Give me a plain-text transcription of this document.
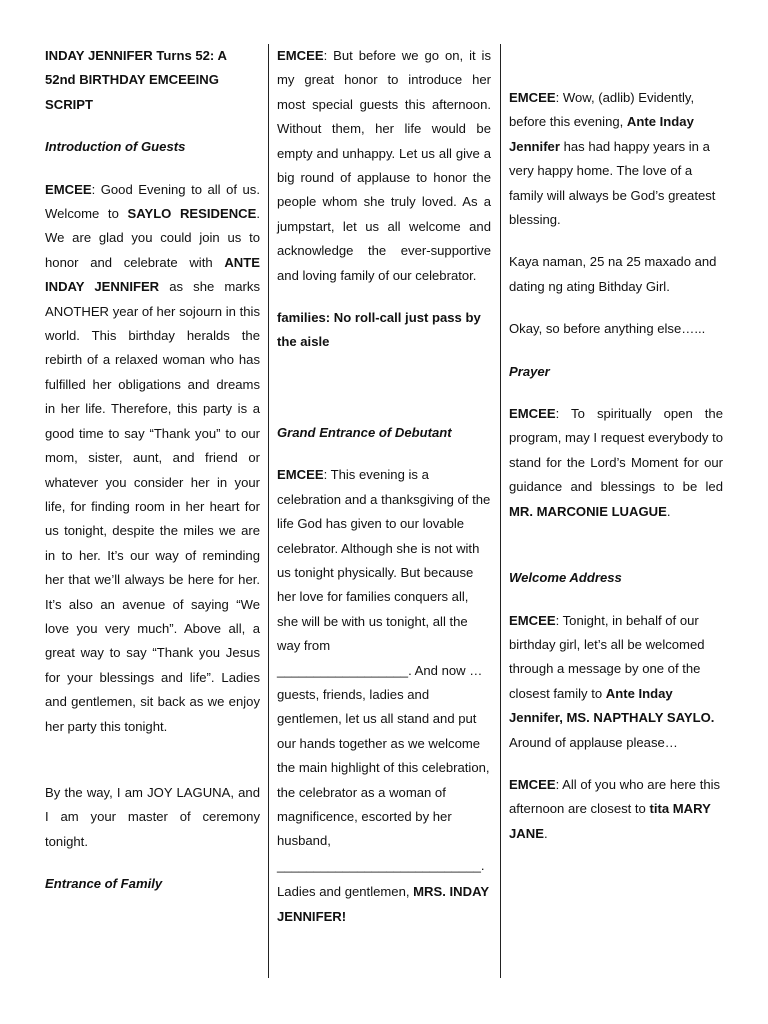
INDAY JENNIFER Turns 52: A 52nd BIRTHDAY EMCEEING SCRIPT
Introduction of Guests

EMCEE: Good Evening to all of us. Welcome to SAYLO RESIDENCE. We are glad you could join us to honor and celebrate with ANTE INDAY JENNIFER as she marks ANOTHER year of her sojourn in this world. This birthday heralds the rebirth of a relaxed woman who has fulfilled her obligations and dreams in her life. Therefore, this party is a good time to say “Thank you” to our mom, sister, aunt, and friend or whatever you consider her in your life, for finding room in her heart for us tonight, despite the miles we are in to her. It’s our way of reminding her that we’ll always be here for her. It’s also an avenue of saying “We love you very much”. Above all, a great way to say “Thank you Jesus for your blessings and life”. Ladies and gentlemen, sit back as we enjoy her party this tonight.

By the way, I am JOY LAGUNA, and I am your master of ceremony tonight.

Entrance of Family

EMCEE: But before we go on, it is my great honor to introduce her most special guests this afternoon. Without them, her life would be empty and unhappy. Let us all give a big round of applause to honor the people whom she truly loved. As a jumpstart, let us all welcome and acknowledge the ever-supportive and loving family of our celebrator.

families: No roll-call just pass by the aisle

Grand Entrance of Debutant

EMCEE: This evening is a celebration and a thanksgiving of the life God has given to our lovable celebrator. Although she is not with us tonight physically. But because her love for families conquers all, she will be with us tonight, all the way from
__________________. And now … guests, friends, ladies and gentlemen, let us all stand and put our hands together as we welcome the main highlight of this celebration, the celebrator as a woman of magnificence, escorted by her husband,
____________________________.

Ladies and gentlemen, MRS. INDAY JENNIFER!

EMCEE: Wow, (adlib) Evidently, before this evening, Ante Inday Jennifer has had happy years in a very happy home. The love of a family will always be God’s greatest blessing.

Kaya naman, 25 na 25 maxado and dating ng ating Bithday Girl.

Okay, so before anything else…...

Prayer

EMCEE: To spiritually open the program, may I request everybody to stand for the Lord’s Moment for our guidance and blessings to be led MR. MARCONIE LUAGUE.

Welcome Address

EMCEE: Tonight, in behalf of our birthday girl, let’s all be welcomed through a message by one of the closest family to Ante Inday Jennifer, MS. NAPTHALY SAYLO. Around of applause please…

EMCEE: All of you who are here this afternoon are closest to tita MARY JANE.
